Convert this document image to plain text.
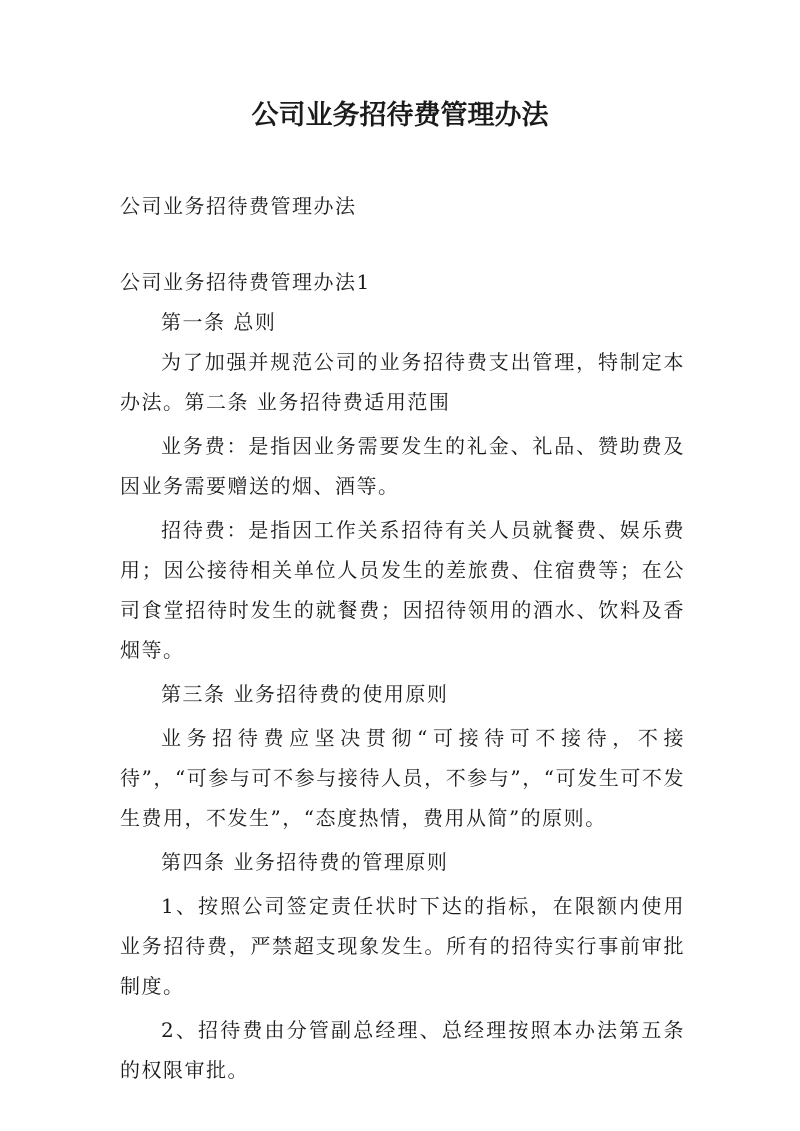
公司业务招待费管理办法

公司业务招待费管理办法

公司业务招待费管理办法1

第一条 总则

为了加强并规范公司的业务招待费支出管理，特制定本办法。第二条 业务招待费适用范围

业务费：是指因业务需要发生的礼金、礼品、赞助费及因业务需要赠送的烟、酒等。

招待费：是指因工作关系招待有关人员就餐费、娱乐费用；因公接待相关单位人员发生的差旅费、住宿费等；在公司食堂招待时发生的就餐费；因招待领用的酒水、饮料及香烟等。

第三条 业务招待费的使用原则

业务招待费应坚决贯彻“可接待可不接待，不接待”，“可参与可不参与接待人员，不参与”，“可发生可不发生费用，不发生”，“态度热情，费用从简”的原则。

第四条 业务招待费的管理原则

1、按照公司签定责任状时下达的指标，在限额内使用业务招待费，严禁超支现象发生。所有的招待实行事前审批制度。

2、招待费由分管副总经理、总经理按照本办法第五条的权限审批。
